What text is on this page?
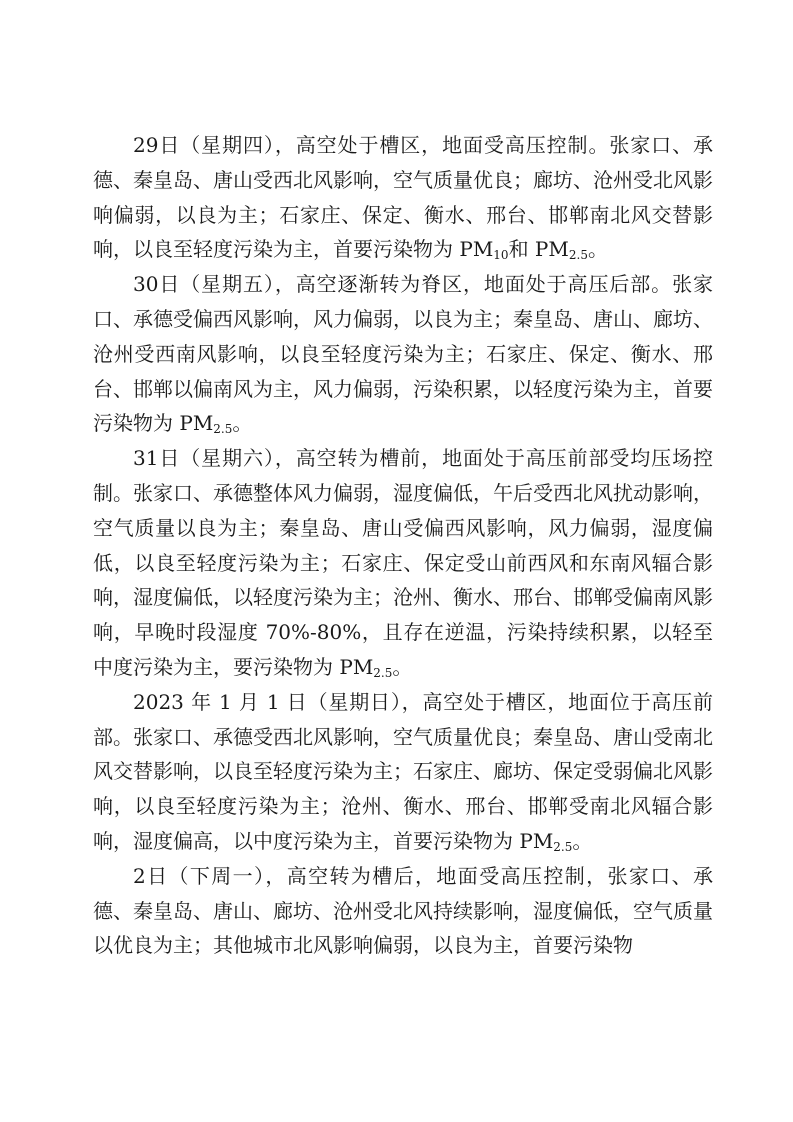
29日（星期四），高空处于槽区，地面受高压控制。张家口、承德、秦皇岛、唐山受西北风影响，空气质量优良；廊坊、沧州受北风影响偏弱，以良为主；石家庄、保定、衡水、邢台、邯郸南北风交替影响，以良至轻度污染为主，首要污染物为 $PM_{10}$和 $PM_{2.5}$。

30日（星期五），高空逐渐转为脊区，地面处于高压后部。张家口、承德受偏西风影响，风力偏弱，以良为主；秦皇岛、唐山、廊坊、沧州受西南风影响，以良至轻度污染为主；石家庄、保定、衡水、邢台、邯郸以偏南风为主，风力偏弱，污染积累，以轻度污染为主，首要污染物为 $PM_{2.5}$。

31日（星期六），高空转为槽前，地面处于高压前部受均压场控制。张家口、承德整体风力偏弱，湿度偏低，午后受西北风扰动影响，空气质量以良为主；秦皇岛、唐山受偏西风影响，风力偏弱，湿度偏低，以良至轻度污染为主；石家庄、保定受山前西风和东南风辐合影响，湿度偏低，以轻度污染为主；沧州、衡水、邢台、邯郸受偏南风影响，早晚时段湿度 70%-80%，且存在逆温，污染持续积累，以轻至中度污染为主，要污染物为 $PM_{2.5}$。

2023 年 1 月 1 日（星期日），高空处于槽区，地面位于高压前部。张家口、承德受西北风影响，空气质量优良；秦皇岛、唐山受南北风交替影响，以良至轻度污染为主；石家庄、廊坊、保定受弱偏北风影响，以良至轻度污染为主；沧州、衡水、邢台、邯郸受南北风辐合影响，湿度偏高，以中度污染为主，首要污染物为 $PM_{2.5}$。

2日（下周一），高空转为槽后，地面受高压控制，张家口、承德、秦皇岛、唐山、廊坊、沧州受北风持续影响，湿度偏低，空气质量以优良为主；其他城市北风影响偏弱，以良为主，首要污染物
